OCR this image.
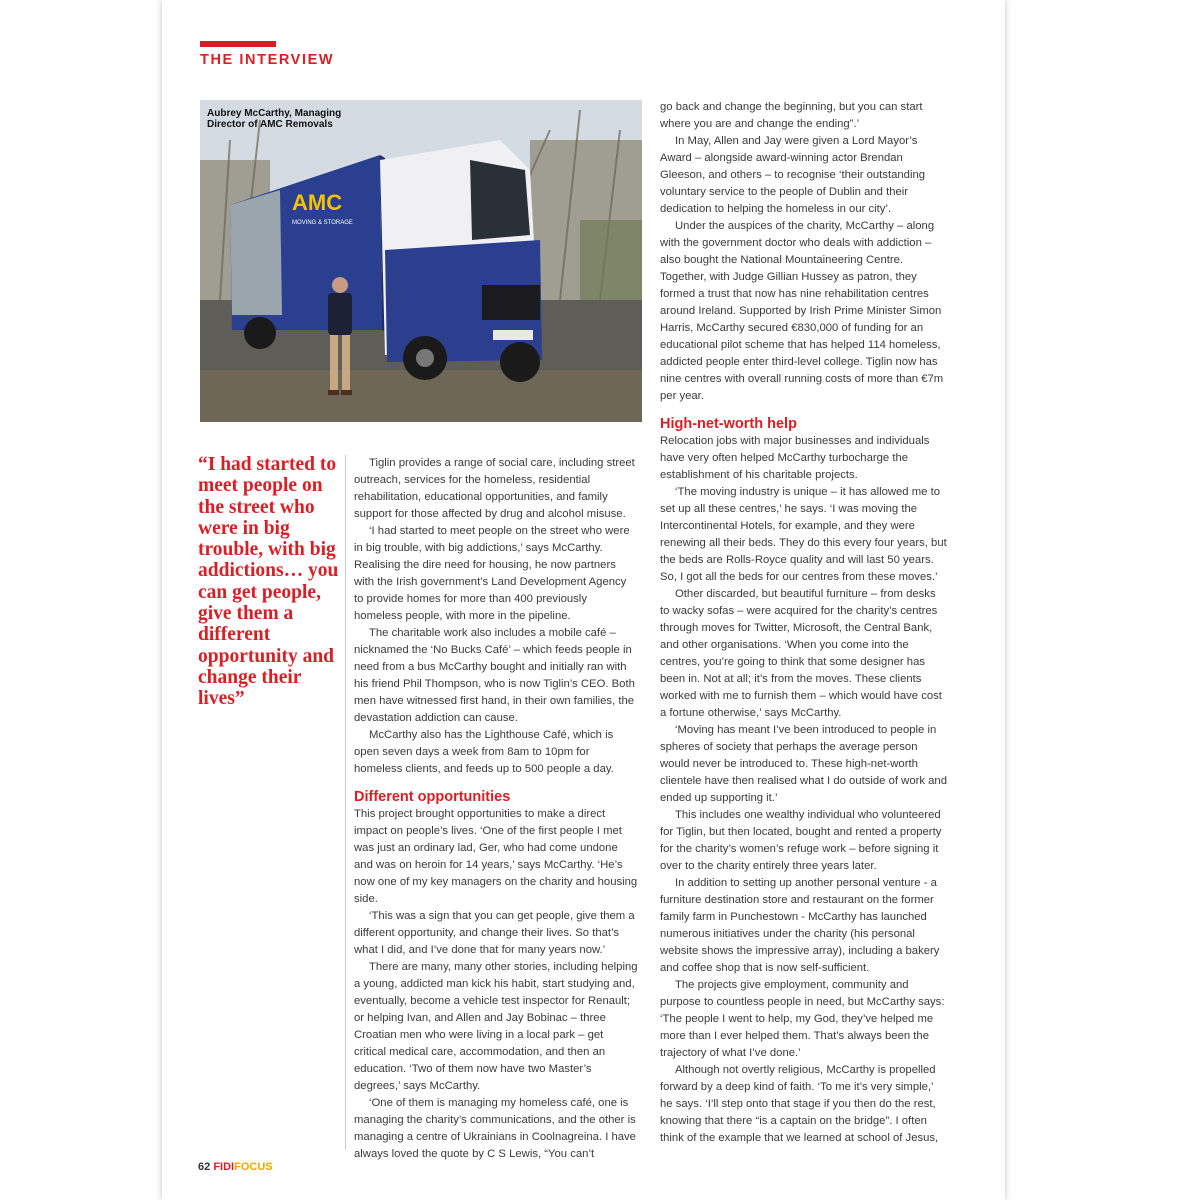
THE INTERVIEW
AMC
MOVING & STORAGE
Aubrey McCarthy, Managing Director of AMC Removals
“I had started to meet people on the street who were in big trouble, with big addictions… you can get people, give them a different opportunity and change their lives”

Tiglin provides a range of social care, including street outreach, services for the homeless, residential rehabilitation, educational opportunities, and family support for those affected by drug and alcohol misuse.

‘I had started to meet people on the street who were in big trouble, with big addictions,’ says McCarthy. Realising the dire need for housing, he now partners with the Irish government’s Land Development Agency to provide homes for more than 400 previously homeless people, with more in the pipeline.

The charitable work also includes a mobile café – nicknamed the ‘No Bucks Café’ – which feeds people in need from a bus McCarthy bought and initially ran with his friend Phil Thompson, who is now Tiglin’s CEO. Both men have witnessed first hand, in their own families, the devastation addiction can cause.

McCarthy also has the Lighthouse Café, which is open seven days a week from 8am to 10pm for homeless clients, and feeds up to 500 people a day.

Different opportunities

This project brought opportunities to make a direct impact on people’s lives. ‘One of the first people I met was just an ordinary lad, Ger, who had come undone and was on heroin for 14 years,’ says McCarthy. ‘He’s now one of my key managers on the charity and housing side.

‘This was a sign that you can get people, give them a different opportunity, and change their lives. So that’s what I did, and I’ve done that for many years now.’

There are many, many other stories, including helping a young, addicted man kick his habit, start studying and, eventually, become a vehicle test inspector for Renault; or helping Ivan, and Allen and Jay Bobinac – three Croatian men who were living in a local park – get critical medical care, accommodation, and then an education. ‘Two of them now have two Master’s degrees,’ says McCarthy.

‘One of them is managing my homeless café, one is managing the charity’s communications, and the other is managing a centre of Ukrainians in Coolnagreina. I have always loved the quote by C S Lewis, “You can’t

go back and change the beginning, but you can start where you are and change the ending”.’

In May, Allen and Jay were given a Lord Mayor’s Award – alongside award-winning actor Brendan Gleeson, and others – to recognise ‘their outstanding voluntary service to the people of Dublin and their dedication to helping the homeless in our city’.

Under the auspices of the charity, McCarthy – along with the government doctor who deals with addiction – also bought the National Mountaineering Centre. Together, with Judge Gillian Hussey as patron, they formed a trust that now has nine rehabilitation centres around Ireland. Supported by Irish Prime Minister Simon Harris, McCarthy secured €830,000 of funding for an educational pilot scheme that has helped 114 homeless, addicted people enter third-level college. Tiglin now has nine centres with overall running costs of more than €7m per year.

High-net-worth help

Relocation jobs with major businesses and individuals have very often helped McCarthy turbocharge the establishment of his charitable projects.

‘The moving industry is unique – it has allowed me to set up all these centres,’ he says. ‘I was moving the Intercontinental Hotels, for example, and they were renewing all their beds. They do this every four years, but the beds are Rolls-Royce quality and will last 50 years. So, I got all the beds for our centres from these moves.’

Other discarded, but beautiful furniture – from desks to wacky sofas – were acquired for the charity’s centres through moves for Twitter, Microsoft, the Central Bank, and other organisations. ‘When you come into the centres, you’re going to think that some designer has been in. Not at all; it’s from the moves. These clients worked with me to furnish them – which would have cost a fortune otherwise,’ says McCarthy.

‘Moving has meant I’ve been introduced to people in spheres of society that perhaps the average person would never be introduced to. These high-net-worth clientele have then realised what I do outside of work and ended up supporting it.’

This includes one wealthy individual who volunteered for Tiglin, but then located, bought and rented a property for the charity’s women’s refuge work – before signing it over to the charity entirely three years later.

In addition to setting up another personal venture - a furniture destination store and restaurant on the former family farm in Punchestown - McCarthy has launched numerous initiatives under the charity (his personal website shows the impressive array), including a bakery and coffee shop that is now self-sufficient.

The projects give employment, community and purpose to countless people in need, but McCarthy says: ‘The people I went to help, my God, they’ve helped me more than I ever helped them. That’s always been the trajectory of what I’ve done.’

Although not overtly religious, McCarthy is propelled forward by a deep kind of faith. ‘To me it’s very simple,’ he says. ‘I’ll step onto that stage if you then do the rest, knowing that there “is a captain on the bridge”. I often think of the example that we learned at school of Jesus,

62 FIDIFOCUS
